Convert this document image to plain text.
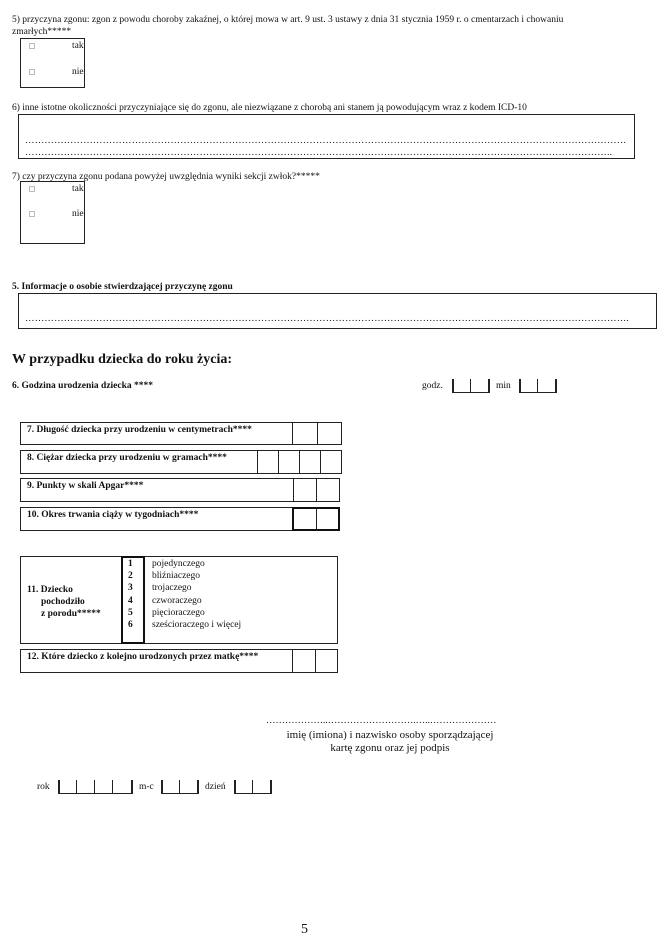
5) przyczyna zgonu: zgon z powodu choroby zakaźnej, o której mowa w art. 9 ust. 3 ustawy z dnia 31 stycznia 1959 r. o cmentarzach i chowaniu
zmarłych*****
tak
nie
6) inne istotne okoliczności przyczyniające się do zgonu, ale niezwiązane z chorobą ani stanem ją powodującym wraz z kodem ICD-10
……………………………………………………………………………………………………………………………………………………………………
………………………………………………………………………………………………………………………………………………………………..
7) czy przyczyna zgonu podana powyżej uwzględnia wyniki sekcji zwłok?*****
tak
nie
5. Informacje o osobie stwierdzającej przyczynę zgonu
…………………………………………………………………………………………………………………………………………………………………….
W przypadku dziecka do roku życia:
6. Godzina urodzenia dziecka ****	godz.	min
7. Długość dziecka przy urodzeniu w centymetrach****
8. Ciężar dziecka przy urodzeniu w gramach****
9. Punkty w skali Apgar****
10. Okres trwania ciąży w tygodniach****
11. Dziecko
pochodziło
z porodu*****
1 pojedynczego
2 bliźniaczego
3 trojaczego
4 czworaczego
5 pięcioraczego
6 sześcioraczego i więcej
12. Które dziecko z kolejno urodzonych przez matkę****
………………..……………………….…..…………………
imię (imiona) i nazwisko osoby sporządzającej
kartę zgonu oraz jej podpis
rok	m-c	dzień
5
